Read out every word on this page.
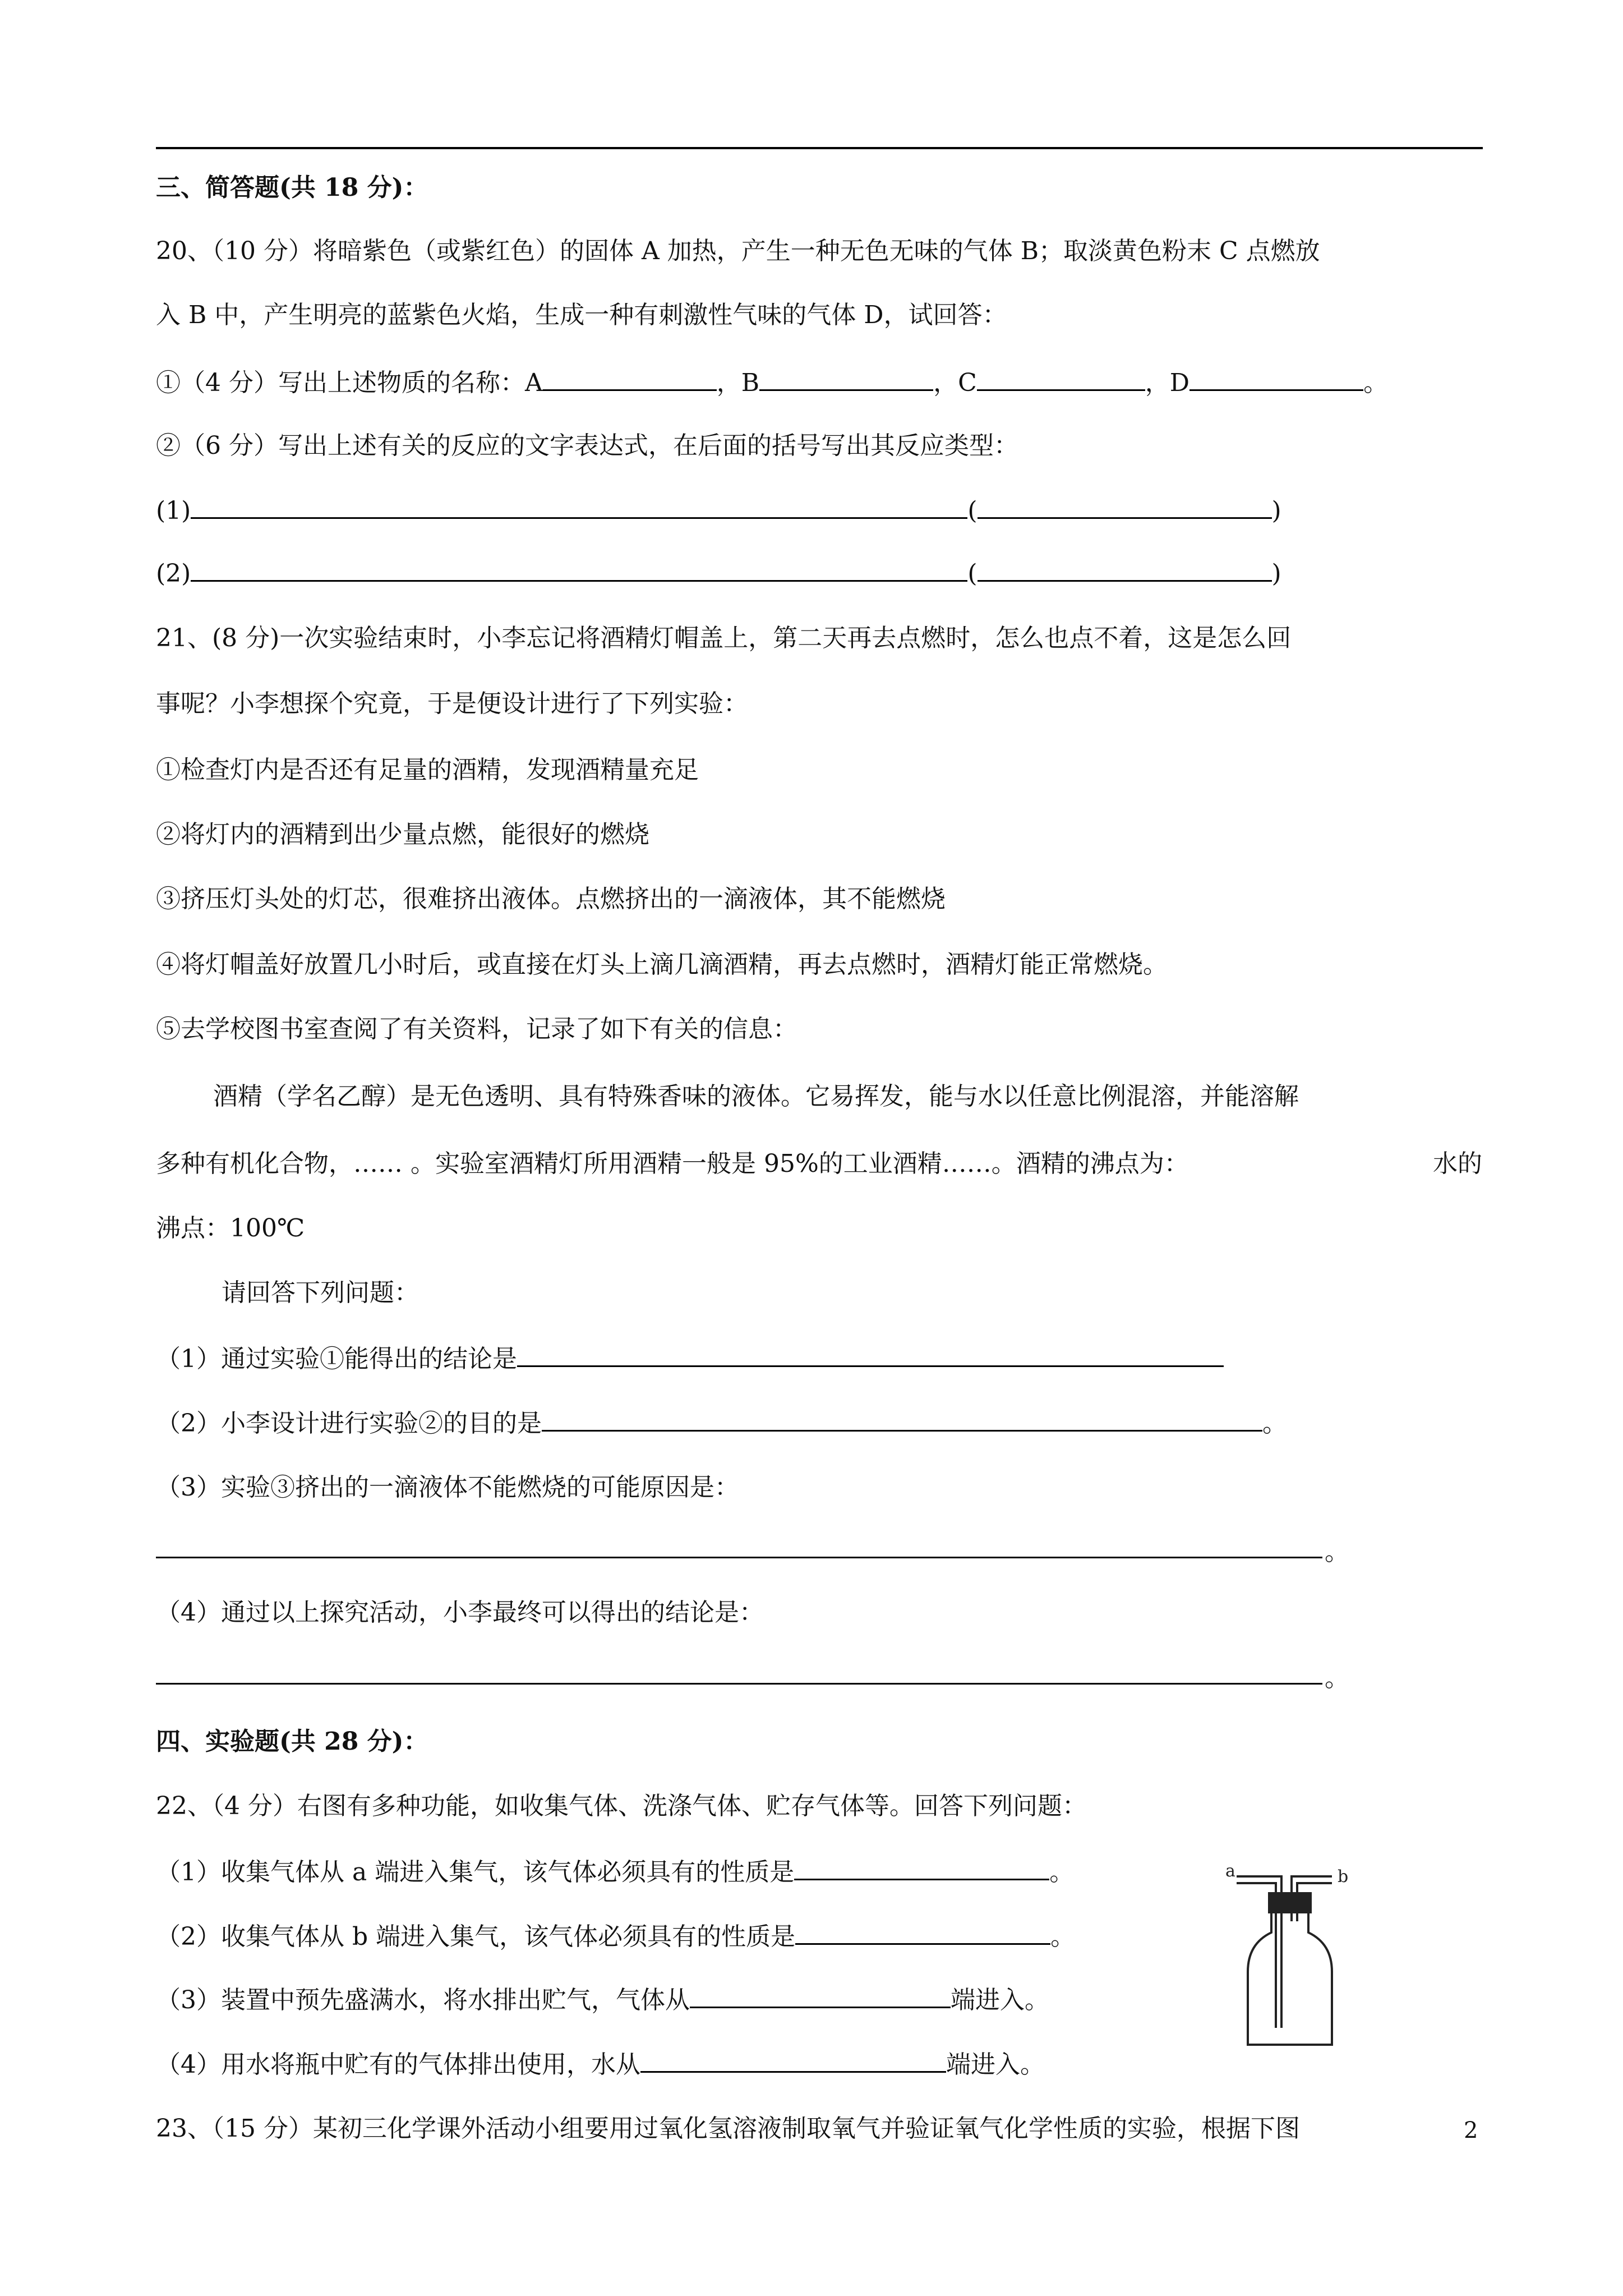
三、简答题(共 18 分)：
20、（10 分）将暗紫色（或紫红色）的固体 A 加热，产生一种无色无味的气体 B；取淡黄色粉末 C 点燃放
入 B 中，产生明亮的蓝紫色火焰，生成一种有刺激性气味的气体 D，试回答：
①（4 分）写出上述物质的名称：A	，B	，C	，D	。
②（6 分）写出上述有关的反应的文字表达式，在后面的括号写出其反应类型：
(1)	(	)
(2)	(	)
21、(8 分)一次实验结束时，小李忘记将酒精灯帽盖上，第二天再去点燃时，怎么也点不着，这是怎么回
事呢？小李想探个究竟，于是便设计进行了下列实验：
①检查灯内是否还有足量的酒精，发现酒精量充足
②将灯内的酒精到出少量点燃，能很好的燃烧
③挤压灯头处的灯芯，很难挤出液体。点燃挤出的一滴液体，其不能燃烧
④将灯帽盖好放置几小时后，或直接在灯头上滴几滴酒精，再去点燃时，酒精灯能正常燃烧。
⑤去学校图书室查阅了有关资料，记录了如下有关的信息：
酒精（学名乙醇）是无色透明、具有特殊香味的液体。它易挥发，能与水以任意比例混溶，并能溶解
多种有机化合物，…… 。实验室酒精灯所用酒精一般是 95%的工业酒精……。酒精的沸点为：	水的
沸点：100℃
请回答下列问题：
（1）通过实验①能得出的结论是
（2）小李设计进行实验②的目的是	。
（3）实验③挤出的一滴液体不能燃烧的可能原因是：
。
（4）通过以上探究活动，小李最终可以得出的结论是：
。
四、实验题(共 28 分)：
22、（4 分）右图有多种功能，如收集气体、洗涤气体、贮存气体等。回答下列问题：
（1）收集气体从 a 端进入集气，该气体必须具有的性质是	。
（2）收集气体从 b 端进入集气，该气体必须具有的性质是	。
（3）装置中预先盛满水，将水排出贮气，气体从	端进入。
（4）用水将瓶中贮有的气体排出使用，水从	端进入。
a	b
23、（15 分）某初三化学课外活动小组要用过氧化氢溶液制取氧气并验证氧气化学性质的实验，根据下图	2
